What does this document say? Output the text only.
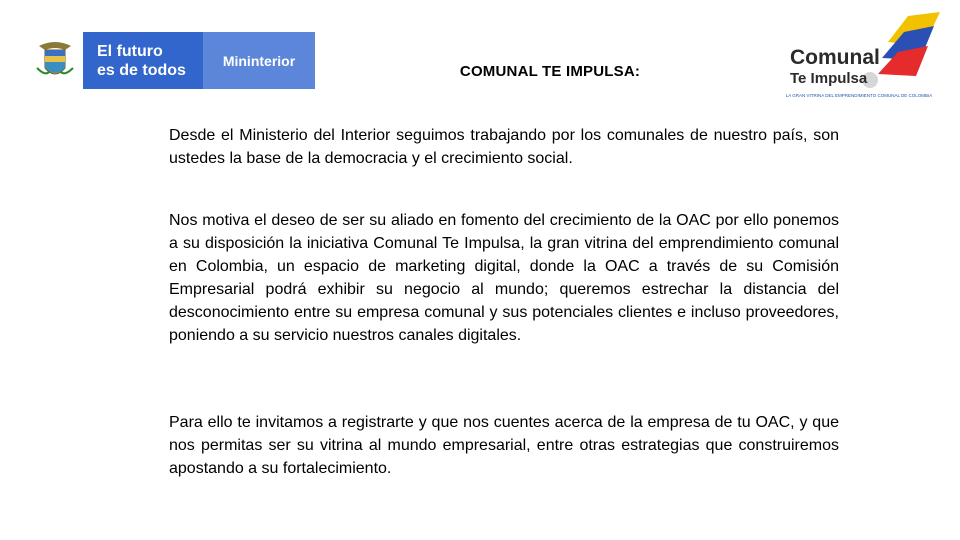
El futuro
es de todos
Mininterior
COMUNAL TE IMPULSA:
Comunal
Te Impulsa
LA GRAN VITRINA DEL EMPRENDIMIENTO COMUNAL DE COLOMBIA

Desde el Ministerio del Interior seguimos trabajando por los comunales de nuestro país, son ustedes la base de la democracia y el crecimiento social.

Nos motiva el deseo de ser su aliado en fomento del crecimiento de la OAC por ello ponemos a su disposición la iniciativa Comunal Te Impulsa, la gran vitrina del emprendimiento comunal en Colombia, un espacio de marketing digital, donde la OAC a través de su Comisión Empresarial podrá exhibir su negocio al mundo; queremos estrechar la distancia del desconocimiento entre su empresa comunal y sus potenciales clientes e incluso proveedores, poniendo a su servicio nuestros canales digitales.

Para ello te invitamos a registrarte y que nos cuentes acerca de la empresa de tu OAC, y que nos permitas ser su vitrina al mundo empresarial, entre otras estrategias que construiremos apostando a su fortalecimiento.
